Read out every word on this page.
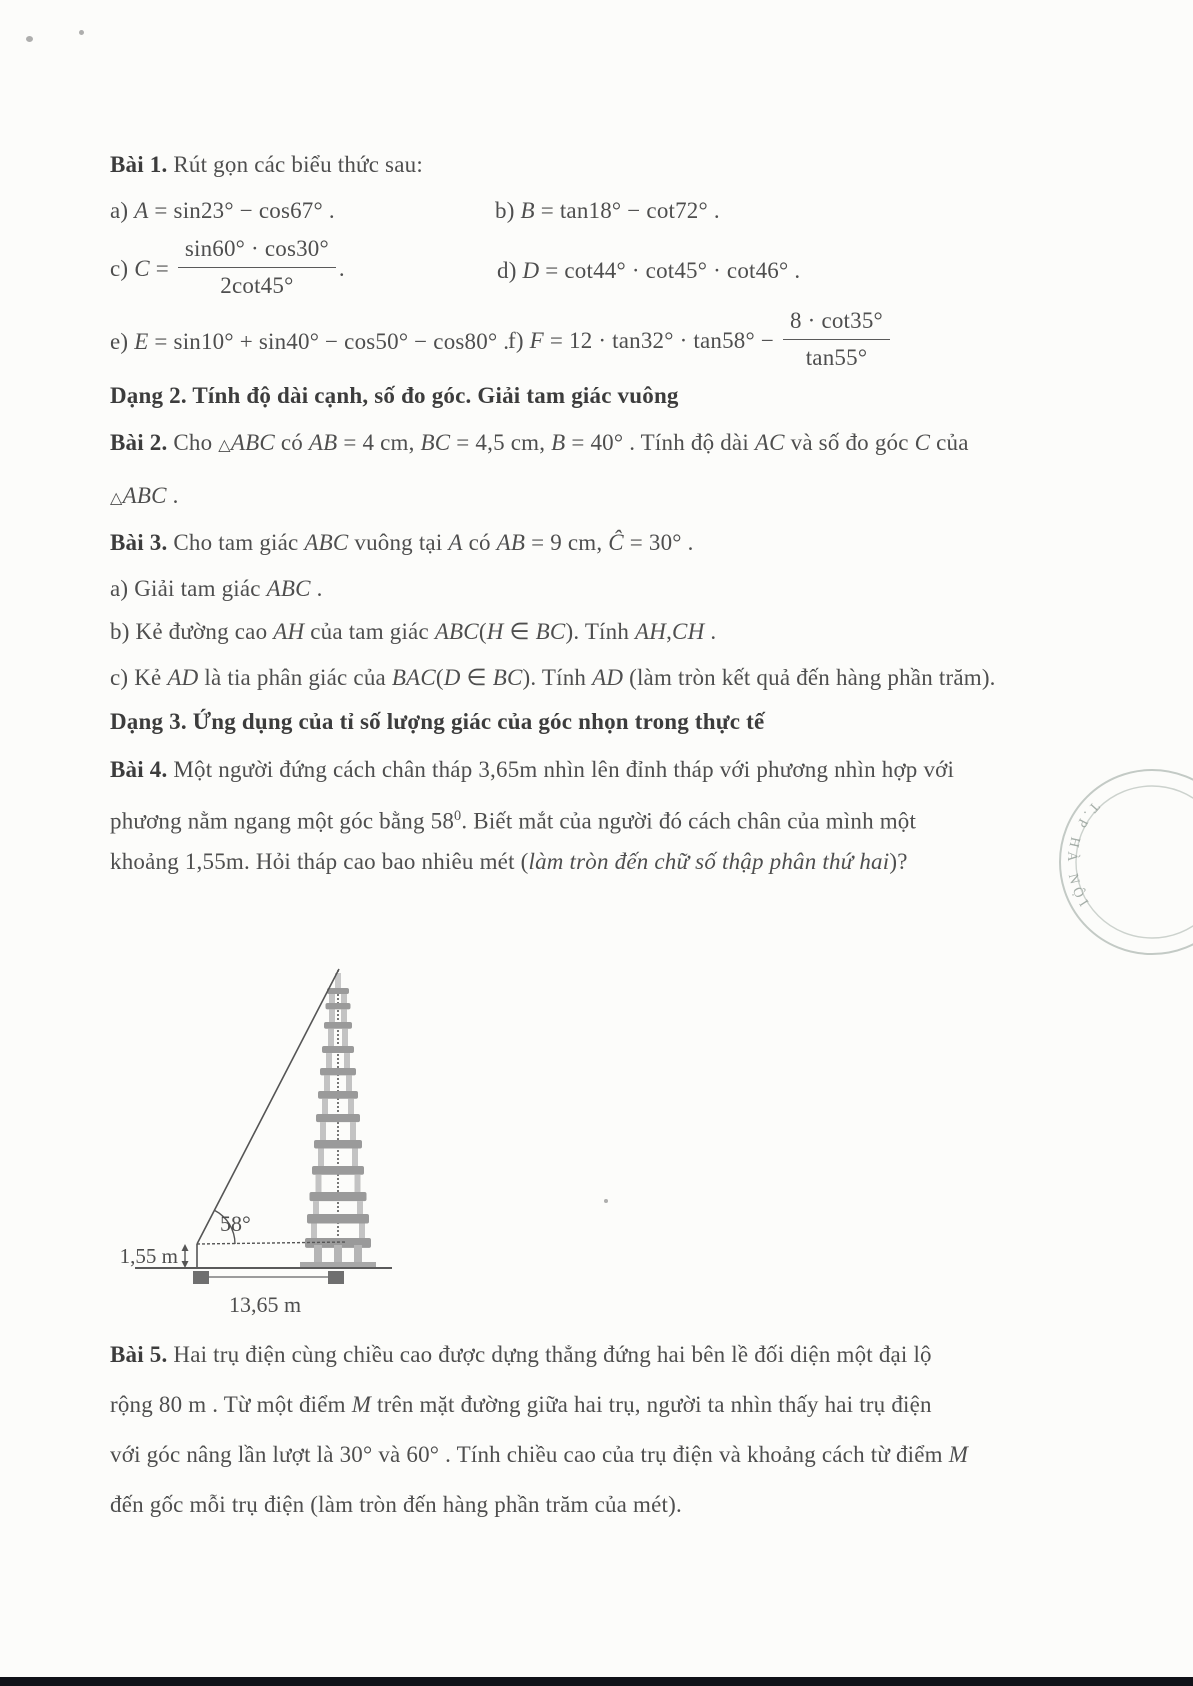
Bài 1. Rút gọn các biểu thức sau:
a) A = sin23° − cos67° .	b) B = tan18° − cot72° .
c) $C = \frac{\sin 60^\circ \cdot \cos 30^\circ}{2\cot 45^\circ}$ .	d) D = cot44° · cot45° · cot46° .
e) E = sin10° + sin40° − cos50° − cos80° .
f) $F = 12 \cdot \tan 32^\circ \cdot \tan 58^\circ - \frac{8 \cdot \cot 35^\circ}{\tan 55^\circ}$
Dạng 2. Tính độ dài cạnh, số đo góc. Giải tam giác vuông
Bài 2. Cho △ABC có AB = 4 cm, BC = 4,5 cm, B = 40° . Tính độ dài AC và số đo góc C của
△ABC .
Bài 3. Cho tam giác ABC vuông tại A có AB = 9 cm, Ĉ = 30° .
a) Giải tam giác ABC .
b) Kẻ đường cao AH của tam giác ABC(H ∈ BC). Tính AH,CH .
c) Kẻ AD là tia phân giác của BAC(D ∈ BC). Tính AD (làm tròn kết quả đến hàng phần trăm).
Dạng 3. Ứng dụng của tỉ số lượng giác của góc nhọn trong thực tế
Bài 4. Một người đứng cách chân tháp 3,65m nhìn lên đỉnh tháp với phương nhìn hợp với
phương nằm ngang một góc bằng $58^0$. Biết mắt của người đó cách chân của mình một
khoảng 1,55m. Hỏi tháp cao bao nhiêu mét (làm tròn đến chữ số thập phân thứ hai)?
58°
1,55 m
13,65 m
T.P HÀ NỘI
Bài 5. Hai trụ điện cùng chiều cao được dựng thẳng đứng hai bên lề đối diện một đại lộ
rộng 80 m . Từ một điểm M trên mặt đường giữa hai trụ, người ta nhìn thấy hai trụ điện
với góc nâng lần lượt là 30° và 60° . Tính chiều cao của trụ điện và khoảng cách từ điểm M
đến gốc mỗi trụ điện (làm tròn đến hàng phần trăm của mét).
